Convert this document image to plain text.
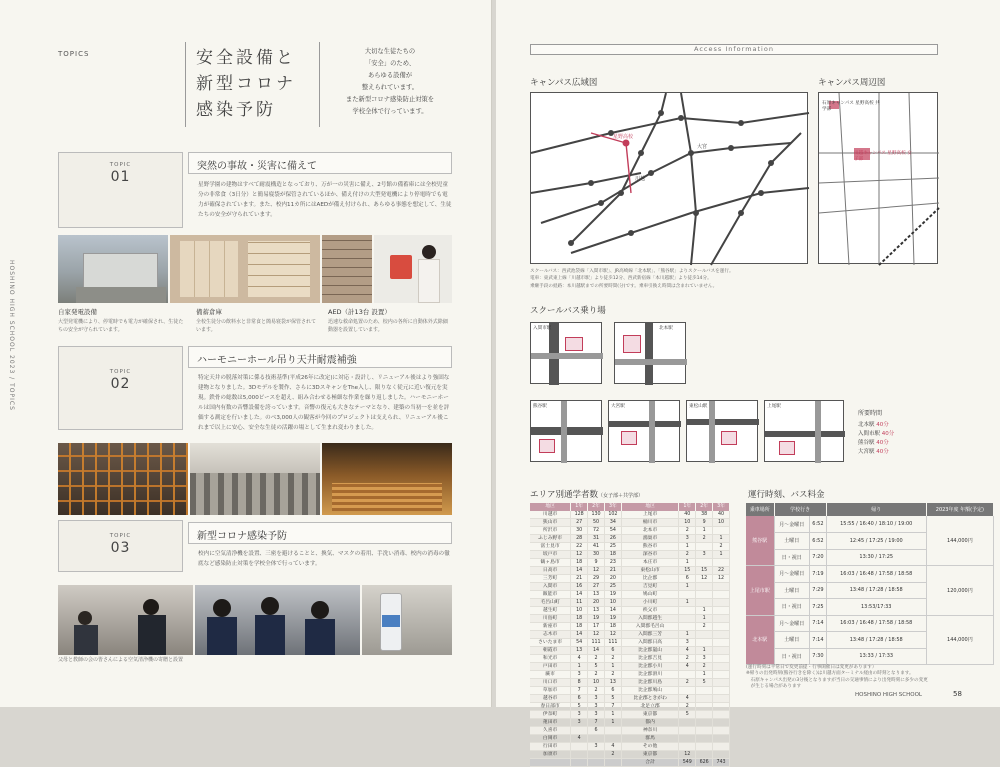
HOSHINO HIGH SCHOOL 2023 / TOPICS
TOPICS	安全設備と
新型コロナ
感染予防
大切な生徒たちの
「安全」のため、
あらゆる設備が
整えられています。
また新型コロナ感染防止対策を
学校全体で行っています。
TOPIC
01
突然の事故・災害に備えて
星野学園の建物はすべて耐震構造となっており、万が一の災害に備え、2号館の備蓄庫には全校児童分の非常食（3日分）と簡易寝袋が保管されているほか、備え付けの大型発電機により停電時でも電力が確保されています。また、校内11カ所にはAEDが備え付けられ、あらゆる事態を想定して、生徒たちの安全が守られています。
自家発電設備
大型発電機により、停電時でも電力が確保され、生徒たちの安全が守られています。
備蓄倉庫
全校生徒分の飲料水と非常食と簡易寝袋が保管されています。
AED（計13台 設置）
迅速な救命処置のため、校内の各所に自動体外式除細動器を設置しています。
TOPIC
02
ハーモニーホール吊り天井耐震補強
特定天井の脱落対策に係る技術基準(平成26年に改定)に対応・設計し、リニューアル後はより強固な建物となりました。3Dモデルを製作、さらに3DスキャンをThe入し、限りなく従元に近い復元を実現。鉄骨の総数は5,000ピースを超え、組み合わせる極細な作業を繰り返しました。ハーモニーホールは国内有数の音響設備を誇っています。音響の復元も大きなテーマとなり、建築の当初一を並を評価する測定を行いました。のべ3,000人の観客が今回のプロジェクトは支えられ、リニューアル後これまで以上に安心、安全な生徒の活躍の場として生まれ変わりました。
TOPIC
03
新型コロナ感染予防
校内に空気清浄機を設置、三密を避けることと、換気、マスクの着用、手洗い消毒、校内の消毒の徹底など感染防止対策を学校全体で行っています。
父母と教師の会の皆さんによる空気清浄機の寄贈と設置
Access Information
キャンパス広域図
星野高校
川越
大宮
キャンパス周辺図
石原キャンパス 星野高校 共学部
川越キャンパス 星野高校 女子部
スクールバス：西武池袋線「入間市駅」、JR高崎線「北本駅」、「熊谷駅」よりスクールバスを運行。
電車：東武東上線「川越市駅」より徒歩12分、西武新宿線「本川越駅」より徒歩14分。
乗継手段の経路：本川越駅までの所要時間(分)です。乗車引換え時間は含まれていません。
スクールバス乗り場
入間市駅	北本駅
熊谷駅	大宮駅	東松山駅	上尾駅
所要時間
北本駅 40分
入間市駅 40分
熊谷駅 40分
大宮駅 40分
エリア別通学者数（女子部＋共学部）
地区	1年	2年	3年	地区	1年	2年	3年
川越市	128	130	102	上尾市	40	38	40
狭山市	27	50	34	桶川市	10	9	10
所沢市	30	72	54	北本市	2	1	
ふじみ野市	28	31	26	鴻巣市	3	2	1
富士見市	22	41	25	熊谷市	1		2
坂戸市	12	30	18	深谷市	2	3	1
鶴ヶ島市	18	9	23	本庄市	1		
日高市	14	12	21	東松山市	15	15	22
三芳町	21	29	20	比企郡	6	12	12
入間市	16	27	25	吉見町	1		
飯能市	14	13	19	鳩山町			
毛呂山町	11	20	10	小川町	1		
越生町	10	13	14	秩父市		1	
川島町	18	19	19	入間郡越生		1	
新座市	18	17	18	入間郡毛呂山		2	
志木市	14	12	12	入間郡三芳	1		
さいたま市	54	111	111	入間郡日高	3		
朝霞市	13	14	6	比企郡嵐山	4	1	
和光市	4	2	2	比企郡吉見	2	3	
戸田市	1	5	1	比企郡小川	4	2	
蕨市	3	2	2	比企郡滑川		1	
川口市	8	10	13	比企郡川島	2	5	
草加市	7	2	6	比企郡鳩山			
越谷市	6	3	5	比企郡ときがわ	4		
春日部市	5	3	7	北足立郡	2		
伊奈町	3	3	1	東京都	5		
蓮田市	3	7	1	都内			
久喜市		6		神奈川			
白岡市	4			群馬			
行田市		3	4	その他			
加須市			2	東京都	12		
				合計	549	626	743
運行時刻、バス料金
乗車場所	学校行き		帰り	2023年度 年額(予定)
熊谷駅	月〜金曜日	6:52	15:55 / 16:40 / 18:10 / 19:00	144,000円
	土曜日	6:52	12:45 / 17:25 / 19:00	
	日・祝日	7:20	13:30 / 17:25	
上尾市駅	月〜金曜日	7:19	16:03 / 16:48 / 17:58 / 18:58	120,000円
	土曜日	7:29	13:48 / 17:28 / 18:58	
	日・祝日	7:25	13:53/17:33	
北本駅	月〜金曜日	7:14	16:03 / 16:48 / 17:58 / 18:58	144,000円
	土曜日	7:14	13:48 / 17:28 / 18:58	
	日・祝日	7:30	13:33 / 17:33	
(運行時刻は平常日で変更前提・行事開催日は変更があります）
※帰りの出発時刻(熊谷行きを除く)は川越方面ターミナル経由の時刻となります。
　石原キャンパス出発の3分後となりますが当日の交通事情により出発時刻に多少の変更
　が生じる場合があります
HOSHINO HIGH SCHOOL	58
